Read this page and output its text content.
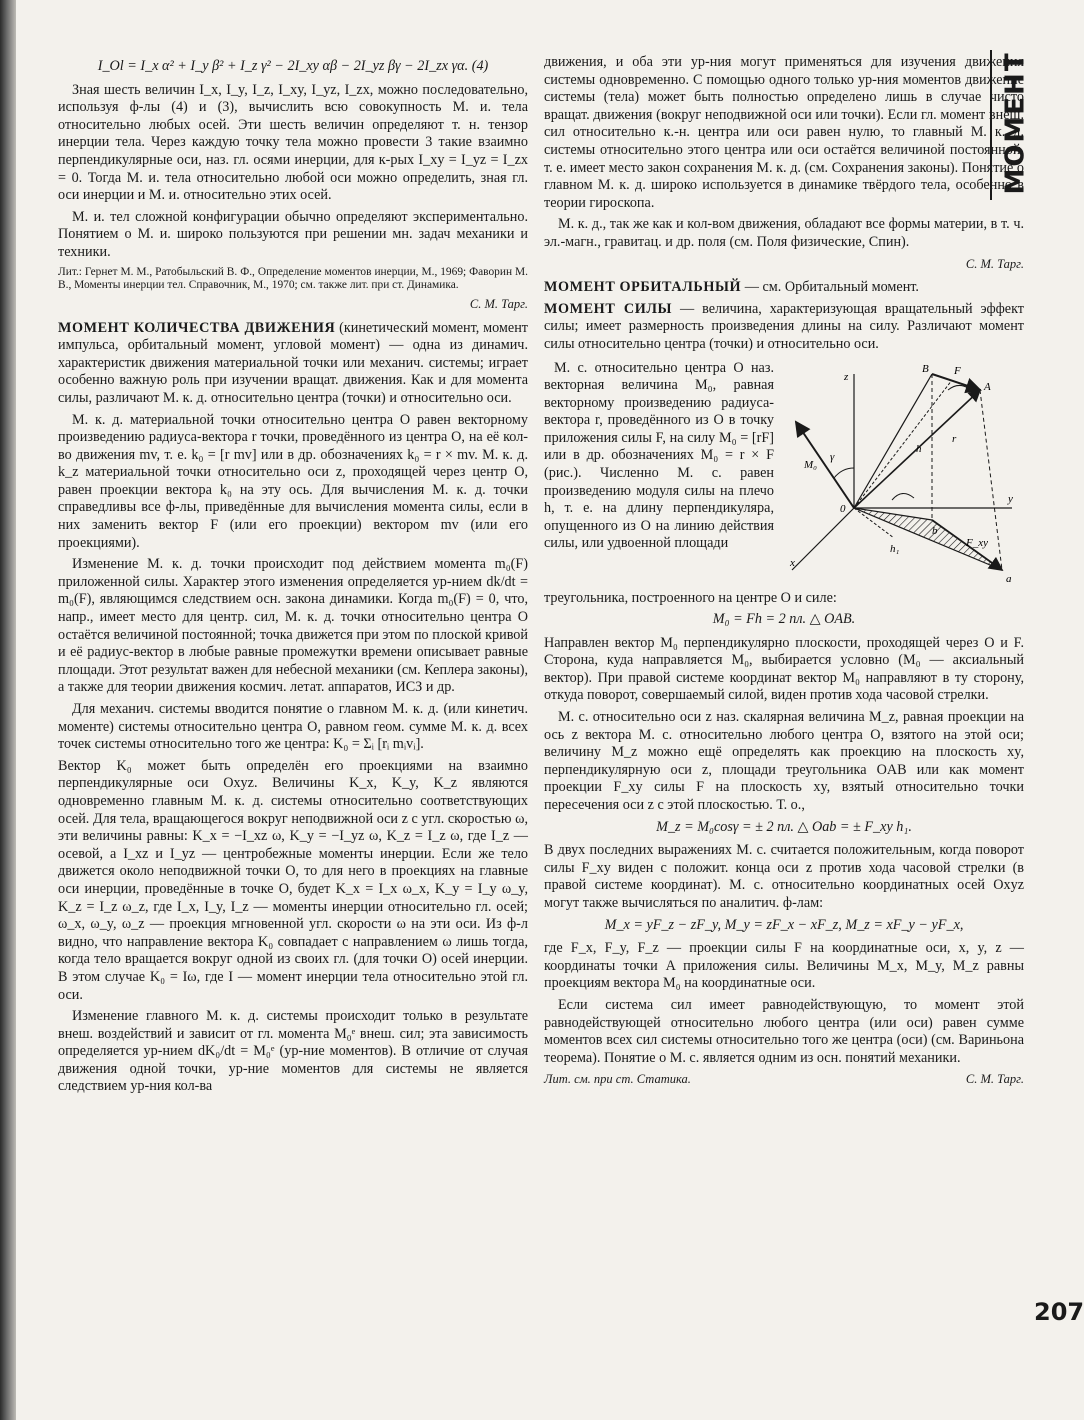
МОМЕНТ

I_Ol = I_x α² + I_y β² + I_z γ² − 2I_xy αβ − 2I_yz βγ − 2I_zx γα. (4)

Зная шесть величин I_x, I_y, I_z, I_xy, I_yz, I_zx, можно последовательно, используя ф-лы (4) и (3), вычислить всю совокупность М. и. тела относительно любых осей. Эти шесть величин определяют т. н. тензор инерции тела. Через каждую точку тела можно провести 3 такие взаимно перпендикулярные оси, наз. гл. осями инерции, для к-рых I_xy = I_yz = I_zx = 0. Тогда М. и. тела относительно любой оси можно определить, зная гл. оси инерции и М. и. относительно этих осей.

М. и. тел сложной конфигурации обычно определяют экспериментально. Понятием о М. и. широко пользуются при решении мн. задач механики и техники.

Лит.: Гернет М. М., Ратобыльский В. Ф., Определение моментов инерции, М., 1969; Фаворин М. В., Моменты инерции тел. Справочник, М., 1970; см. также лит. при ст. Динамика.

С. М. Тарг.

МОМЕНТ КОЛИЧЕСТВА ДВИЖЕНИЯ (кинетический момент, момент импульса, орбитальный момент, угловой момент) — одна из динамич. характеристик движения материальной точки или механич. системы; играет особенно важную роль при изучении вращат. движения. Как и для момента силы, различают М. к. д. относительно центра (точки) и относительно оси.

М. к. д. материальной точки относительно центра O равен векторному произведению радиуса-вектора r точки, проведённого из центра O, на её кол-во движения mv, т. е. k₀ = [r mv] или в др. обозначениях k₀ = r × mv. М. к. д. k_z материальной точки относительно оси z, проходящей через центр O, равен проекции вектора k₀ на эту ось. Для вычисления М. к. д. точки справедливы все ф-лы, приведённые для вычисления момента силы, если в них заменить вектор F (или его проекции) вектором mv (или его проекциями).

Изменение М. к. д. точки происходит под действием момента m₀(F) приложенной силы. Характер этого изменения определяется ур-нием dk/dt = m₀(F), являющимся следствием осн. закона динамики. Когда m₀(F) = 0, что, напр., имеет место для центр. сил, М. к. д. точки относительно центра O остаётся величиной постоянной; точка движется при этом по плоской кривой и её радиус-вектор в любые равные промежутки времени описывает равные площади. Этот результат важен для небесной механики (см. Кеплера законы), а также для теории движения космич. летат. аппаратов, ИСЗ и др.

Для механич. системы вводится понятие о главном М. к. д. (или кинетич. моменте) системы относительно центра O, равном геом. сумме М. к. д. всех точек системы относительно того же центра: K₀ = Σᵢ [rᵢ mᵢvᵢ].

Вектор K₀ может быть определён его проекциями на взаимно перпендикулярные оси Oxyz. Величины K_x, K_y, K_z являются одновременно главным М. к. д. системы относительно соответствующих осей. Для тела, вращающегося вокруг неподвижной оси z с угл. скоростью ω, эти величины равны: K_x = −I_xz ω, K_y = −I_yz ω, K_z = I_z ω, где I_z — осевой, а I_xz и I_yz — центробежные моменты инерции. Если же тело движется около неподвижной точки O, то для него в проекциях на главные оси инерции, проведённые в точке O, будет K_x = I_x ω_x, K_y = I_y ω_y, K_z = I_z ω_z, где I_x, I_y, I_z — моменты инерции относительно гл. осей; ω_x, ω_y, ω_z — проекция мгновенной угл. скорости ω на эти оси. Из ф-л видно, что направление вектора K₀ совпадает с направлением ω лишь тогда, когда тело вращается вокруг одной из своих гл. (для точки O) осей инерции. В этом случае K₀ = Iω, где I — момент инерции тела относительно этой гл. оси.

Изменение главного М. к. д. системы происходит только в результате внеш. воздействий и зависит от гл. момента M₀ᵉ внеш. сил; эта зависимость определяется ур-нием dK₀/dt = M₀ᵉ (ур-ние моментов). В отличие от случая движения одной точки, ур-ние моментов для системы не является следствием ур-ния кол-ва

движения, и оба эти ур-ния могут применяться для изучения движения системы одновременно. С помощью одного только ур-ния моментов движение системы (тела) может быть полностью определено лишь в случае чисто вращат. движения (вокруг неподвижной оси или точки). Если гл. момент внеш. сил относительно к.-н. центра или оси равен нулю, то главный М. к. д. системы относительно этого центра или оси остаётся величиной постоянной, т. е. имеет место закон сохранения М. к. д. (см. Сохранения законы). Понятие о главном М. к. д. широко используется в динамике твёрдого тела, особенно в теории гироскопа.

М. к. д., так же как и кол-вом движения, обладают все формы материи, в т. ч. эл.-магн., гравитац. и др. поля (см. Поля физические, Спин).

С. М. Тарг.

МОМЕНТ ОРБИТАЛЬНЫЙ — см. Орбитальный момент.

МОМЕНТ СИЛЫ — величина, характеризующая вращательный эффект силы; имеет размерность произведения длины на силу. Различают момент силы относительно центра (точки) и относительно оси.

М. с. относительно центра O наз. векторная величина M₀, равная векторному произведению радиуса-вектора r, проведённого из O в точку приложения силы F, на силу M₀ = [rF] или в др. обозначениях M₀ = r × F (рис.). Численно М. с. равен произведению модуля силы на плечо h, т. е. на длину перпендикуляра, опущенного из O на линию действия силы, или удвоенной площади

z
y
x
0
A
B F
r
h
M₀
γ
a
b
h₁	F_xy

треугольника, построенного на центре O и силе:

M₀ = Fh = 2 пл. △ OAB.

Направлен вектор M₀ перпендикулярно плоскости, проходящей через O и F. Сторона, куда направляется M₀, выбирается условно (M₀ — аксиальный вектор). При правой системе координат вектор M₀ направляют в ту сторону, откуда поворот, совершаемый силой, виден против хода часовой стрелки.

М. с. относительно оси z наз. скалярная величина M_z, равная проекции на ось z вектора М. с. относительно любого центра O, взятого на этой оси; величину M_z можно ещё определять как проекцию на плоскость xy, перпендикулярную оси z, площади треугольника OAB или как момент проекции F_xy силы F на плоскость xy, взятый относительно точки пересечения оси z с этой плоскостью. Т. о.,

M_z = M₀cosγ = ± 2 пл. △ Oab = ± F_xy h₁.

В двух последних выражениях М. с. считается положительным, когда поворот силы F_xy виден с положит. конца оси z против хода часовой стрелки (в правой системе координат). М. с. относительно координатных осей Oxyz могут также вычисляться по аналитич. ф-лам:

M_x = yF_z − zF_y, M_y = zF_x − xF_z, M_z = xF_y − yF_x,

где F_x, F_y, F_z — проекции силы F на координатные оси, x, y, z — координаты точки A приложения силы. Величины M_x, M_y, M_z равны проекциям вектора M₀ на координатные оси.

Если система сил имеет равнодействующую, то момент этой равнодействующей относительно любого центра (или оси) равен сумме моментов всех сил системы относительно того же центра (оси) (см. Вариньона теорема). Понятие о М. с. является одним из осн. понятий механики.

Лит. см. при ст. Статика.	С. М. Тарг.
207
